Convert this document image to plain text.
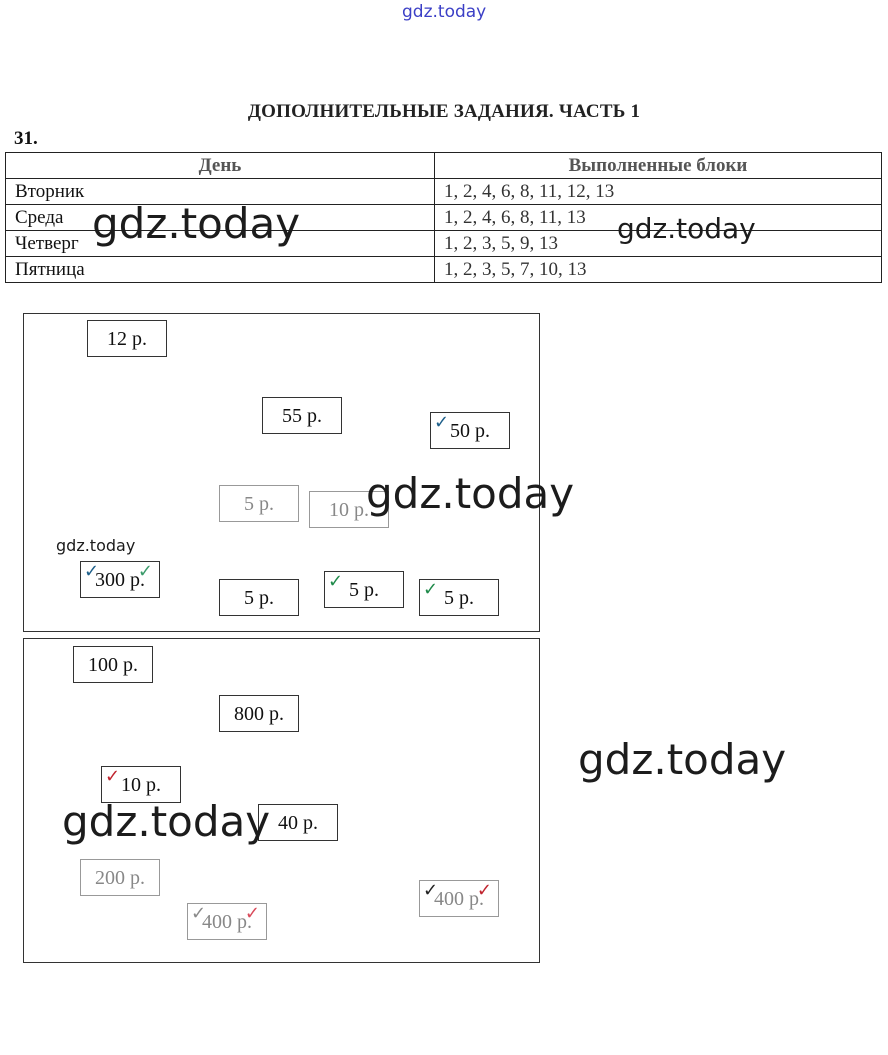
gdz.today
ДОПОЛНИТЕЛЬНЫЕ ЗАДАНИЯ. ЧАСТЬ 1
31.
День	Выполненные блоки
Вторник	1, 2, 4, 6, 8, 11, 12, 13
Среда	1, 2, 4, 6, 8, 11, 13
Четверг	1, 2, 3, 5, 9, 13
Пятница	1, 2, 3, 5, 7, 10, 13
12 р.
55 р.	✓ 50 р.
5 р.	10 р.
✓
300 р.
✓
5 р.
✓ 5 р.	✓ 5 р.
100 р.
800 р.
✓ 10 р.
40 р.
200 р.
✓
400 р.
✓
✓
400 р.
✓
gdz.today	gdz.today
gdz.today
gdz.today
gdz.today
gdz.today
